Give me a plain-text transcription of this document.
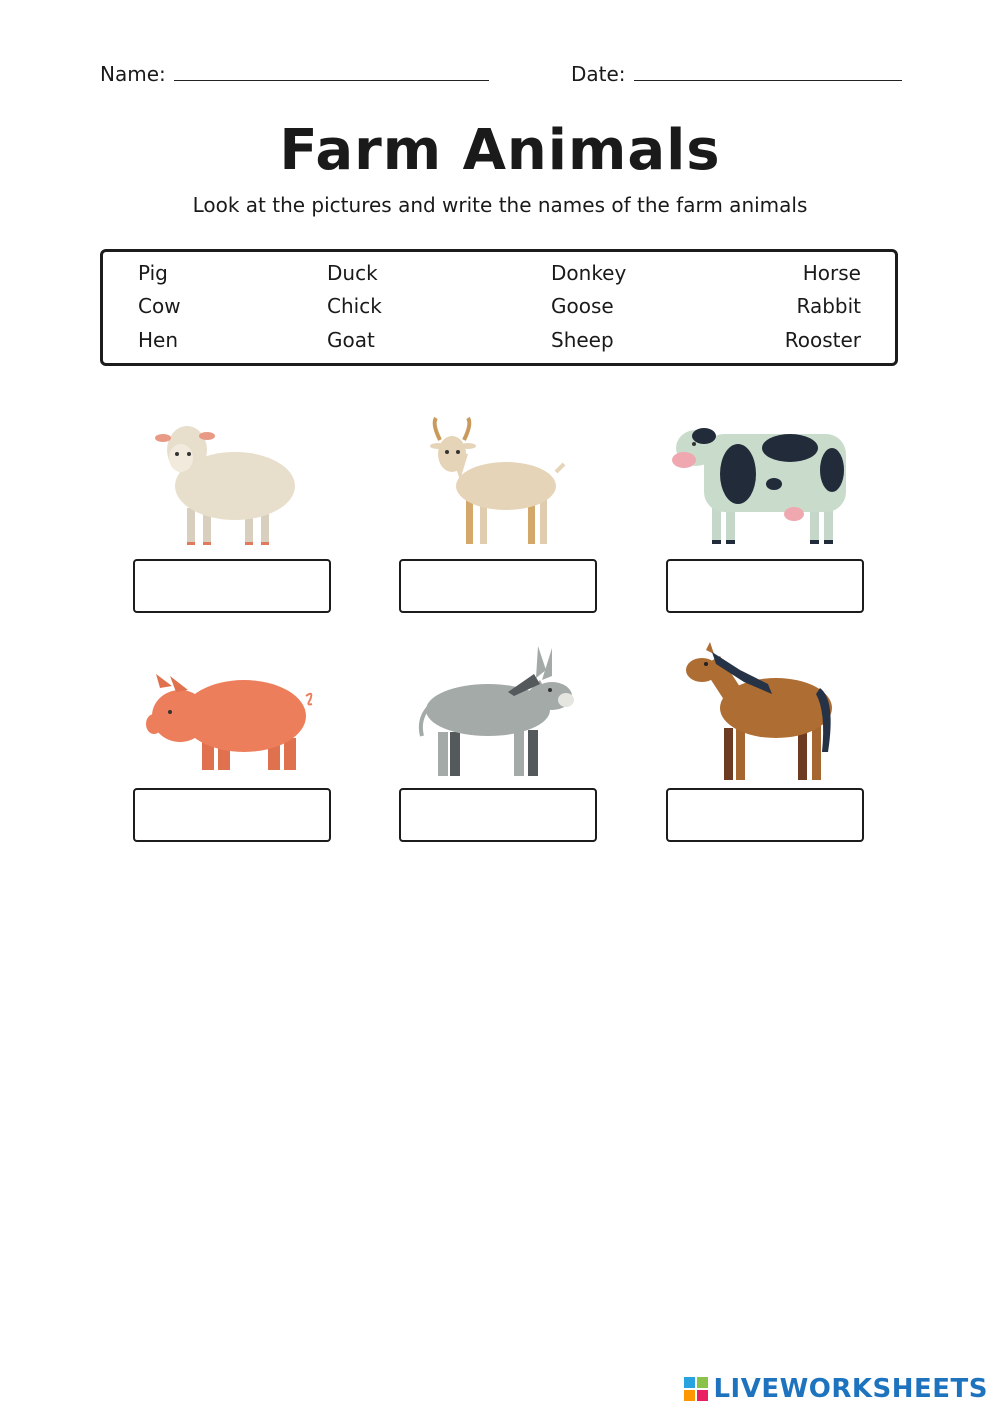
Name:	Date:
Farm Animals
Look at the pictures and write the names of the farm animals
Pig
Cow
Hen
Duck
Chick
Goat
Donkey
Goose
Sheep
Horse
Rabbit
Rooster
LIVEWORKSHEETS
